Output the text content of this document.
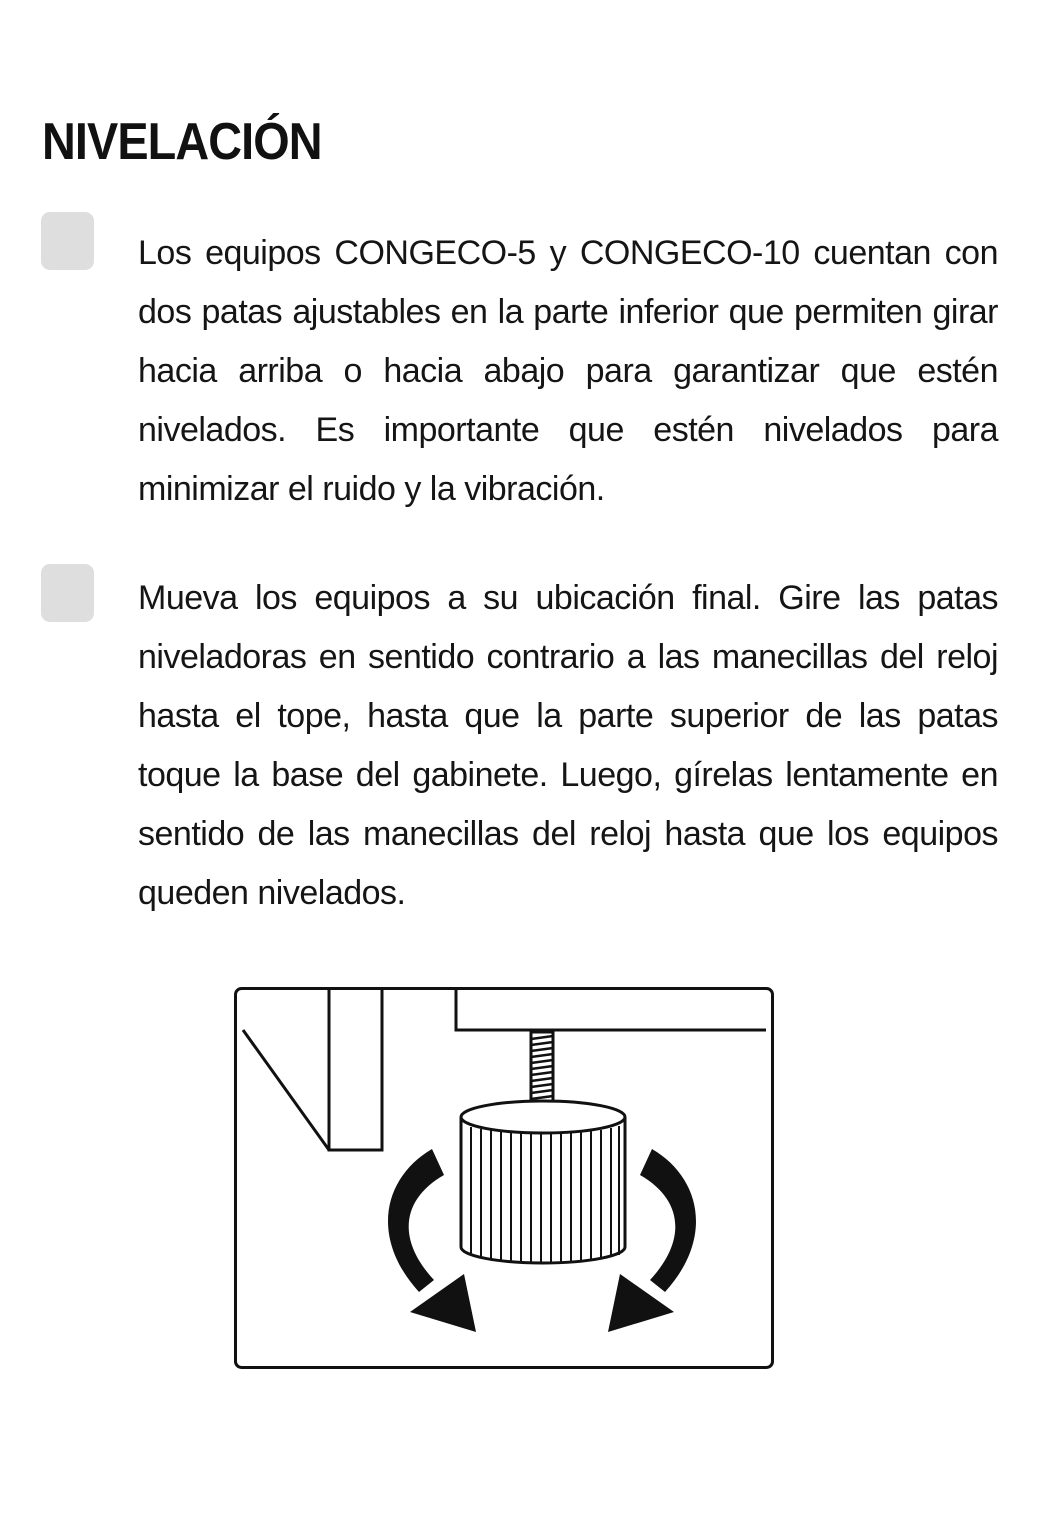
NIVELACIÓN

Los equipos CONGECO-5 y CONGECO-10 cuentan con dos patas ajustables en la parte inferior que permiten girar hacia arriba o hacia abajo para garantizar que estén nivelados. Es importante que estén nivelados para minimizar el ruido y la vibración.

Mueva los equipos a su ubicación final. Gire las patas niveladoras en sentido contrario a las manecillas del reloj hasta el tope, hasta que la parte superior de las patas toque la base del gabinete. Luego, gírelas lentamente en sentido de las manecillas del reloj hasta que los equipos queden nivelados.
